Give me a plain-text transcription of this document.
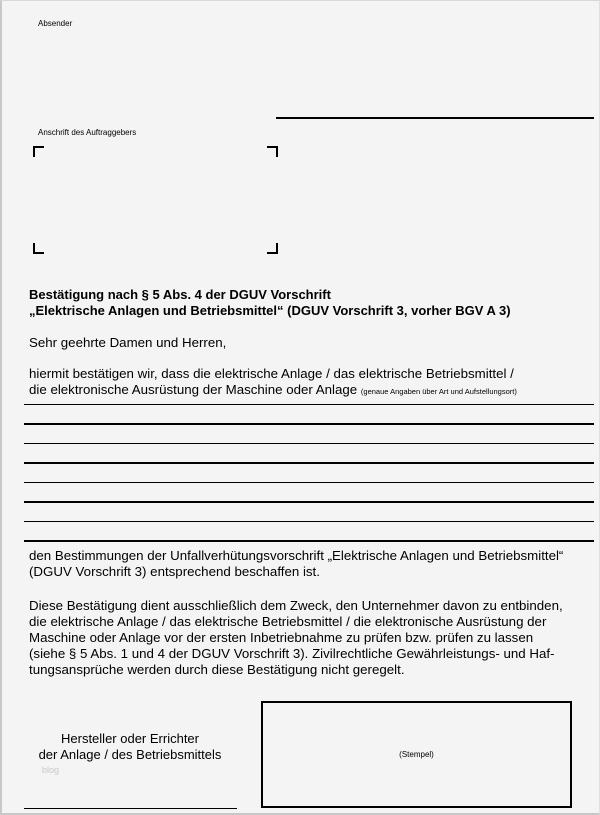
Absender
Anschrift des Auftraggebers
Bestätigung nach § 5 Abs. 4 der DGUV Vorschrift
„Elektrische Anlagen und Betriebsmittel“ (DGUV Vorschrift 3, vorher BGV A 3)
Sehr geehrte Damen und Herren,
hiermit bestätigen wir, dass die elektrische Anlage / das elektrische Betriebsmittel /
die elektronische Ausrüstung der Maschine oder Anlage (genaue Angaben über Art und Aufstellungsort)
den Bestimmungen der Unfallverhütungsvorschrift „Elektrische Anlagen und Betriebsmittel“
(DGUV Vorschrift 3) entsprechend beschaffen ist.
Diese Bestätigung dient ausschließlich dem Zweck, den Unternehmer davon zu entbinden,
die elektrische Anlage / das elektrische Betriebsmittel / die elektronische Ausrüstung der
Maschine oder Anlage vor der ersten Inbetriebnahme zu prüfen bzw. prüfen zu lassen
(siehe § 5 Abs. 1 und 4 der DGUV Vorschrift 3). Zivilrechtliche Gewährleistungs- und Haf-
tungsansprüche werden durch diese Bestätigung nicht geregelt.
Hersteller oder Errichter
der Anlage / des Betriebsmittels
blog
(Stempel)
